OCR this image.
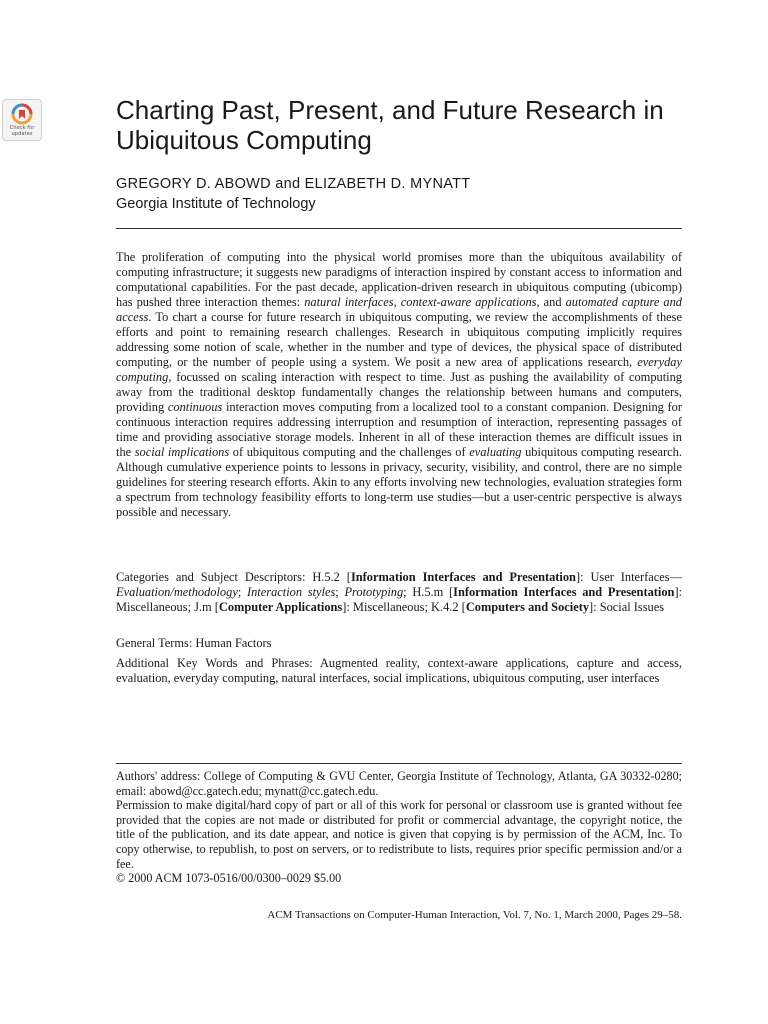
Check for updates
Charting Past, Present, and Future Research in Ubiquitous Computing
GREGORY D. ABOWD and ELIZABETH D. MYNATT
Georgia Institute of Technology

The proliferation of computing into the physical world promises more than the ubiquitous availability of computing infrastructure; it suggests new paradigms of interaction inspired by constant access to information and computational capabilities. For the past decade, application-driven research in ubiquitous computing (ubicomp) has pushed three interaction themes: natural interfaces, context-aware applications, and automated capture and access. To chart a course for future research in ubiquitous computing, we review the accomplishments of these efforts and point to remaining research challenges. Research in ubiquitous computing implicitly requires addressing some notion of scale, whether in the number and type of devices, the physical space of distributed computing, or the number of people using a system. We posit a new area of applications research, everyday computing, focussed on scaling interaction with respect to time. Just as pushing the availability of computing away from the traditional desktop fundamentally changes the relationship between humans and computers, providing continuous interaction moves computing from a localized tool to a constant companion. Designing for continuous interaction requires addressing interruption and resumption of interaction, representing passages of time and providing associative storage models. Inherent in all of these interaction themes are difficult issues in the social implications of ubiquitous computing and the challenges of evaluating ubiquitous computing research. Although cumulative experience points to lessons in privacy, security, visibility, and control, there are no simple guidelines for steering research efforts. Akin to any efforts involving new technologies, evaluation strategies form a spectrum from technology feasibility efforts to long-term use studies—but a user-centric perspective is always possible and necessary.

Categories and Subject Descriptors: H.5.2 [Information Interfaces and Presentation]: User Interfaces—Evaluation/methodology; Interaction styles; Prototyping; H.5.m [Information Interfaces and Presentation]: Miscellaneous; J.m [Computer Applications]: Miscellaneous; K.4.2 [Computers and Society]: Social Issues

General Terms: Human Factors

Additional Key Words and Phrases: Augmented reality, context-aware applications, capture and access, evaluation, everyday computing, natural interfaces, social implications, ubiquitous computing, user interfaces

Authors' address: College of Computing & GVU Center, Georgia Institute of Technology, Atlanta, GA 30332-0280; email: abowd@cc.gatech.edu; mynatt@cc.gatech.edu.
Permission to make digital/hard copy of part or all of this work for personal or classroom use is granted without fee provided that the copies are not made or distributed for profit or commercial advantage, the copyright notice, the title of the publication, and its date appear, and notice is given that copying is by permission of the ACM, Inc. To copy otherwise, to republish, to post on servers, or to redistribute to lists, requires prior specific permission and/or a fee.
© 2000 ACM 1073-0516/00/0300–0029 $5.00
ACM Transactions on Computer-Human Interaction, Vol. 7, No. 1, March 2000, Pages 29–58.
